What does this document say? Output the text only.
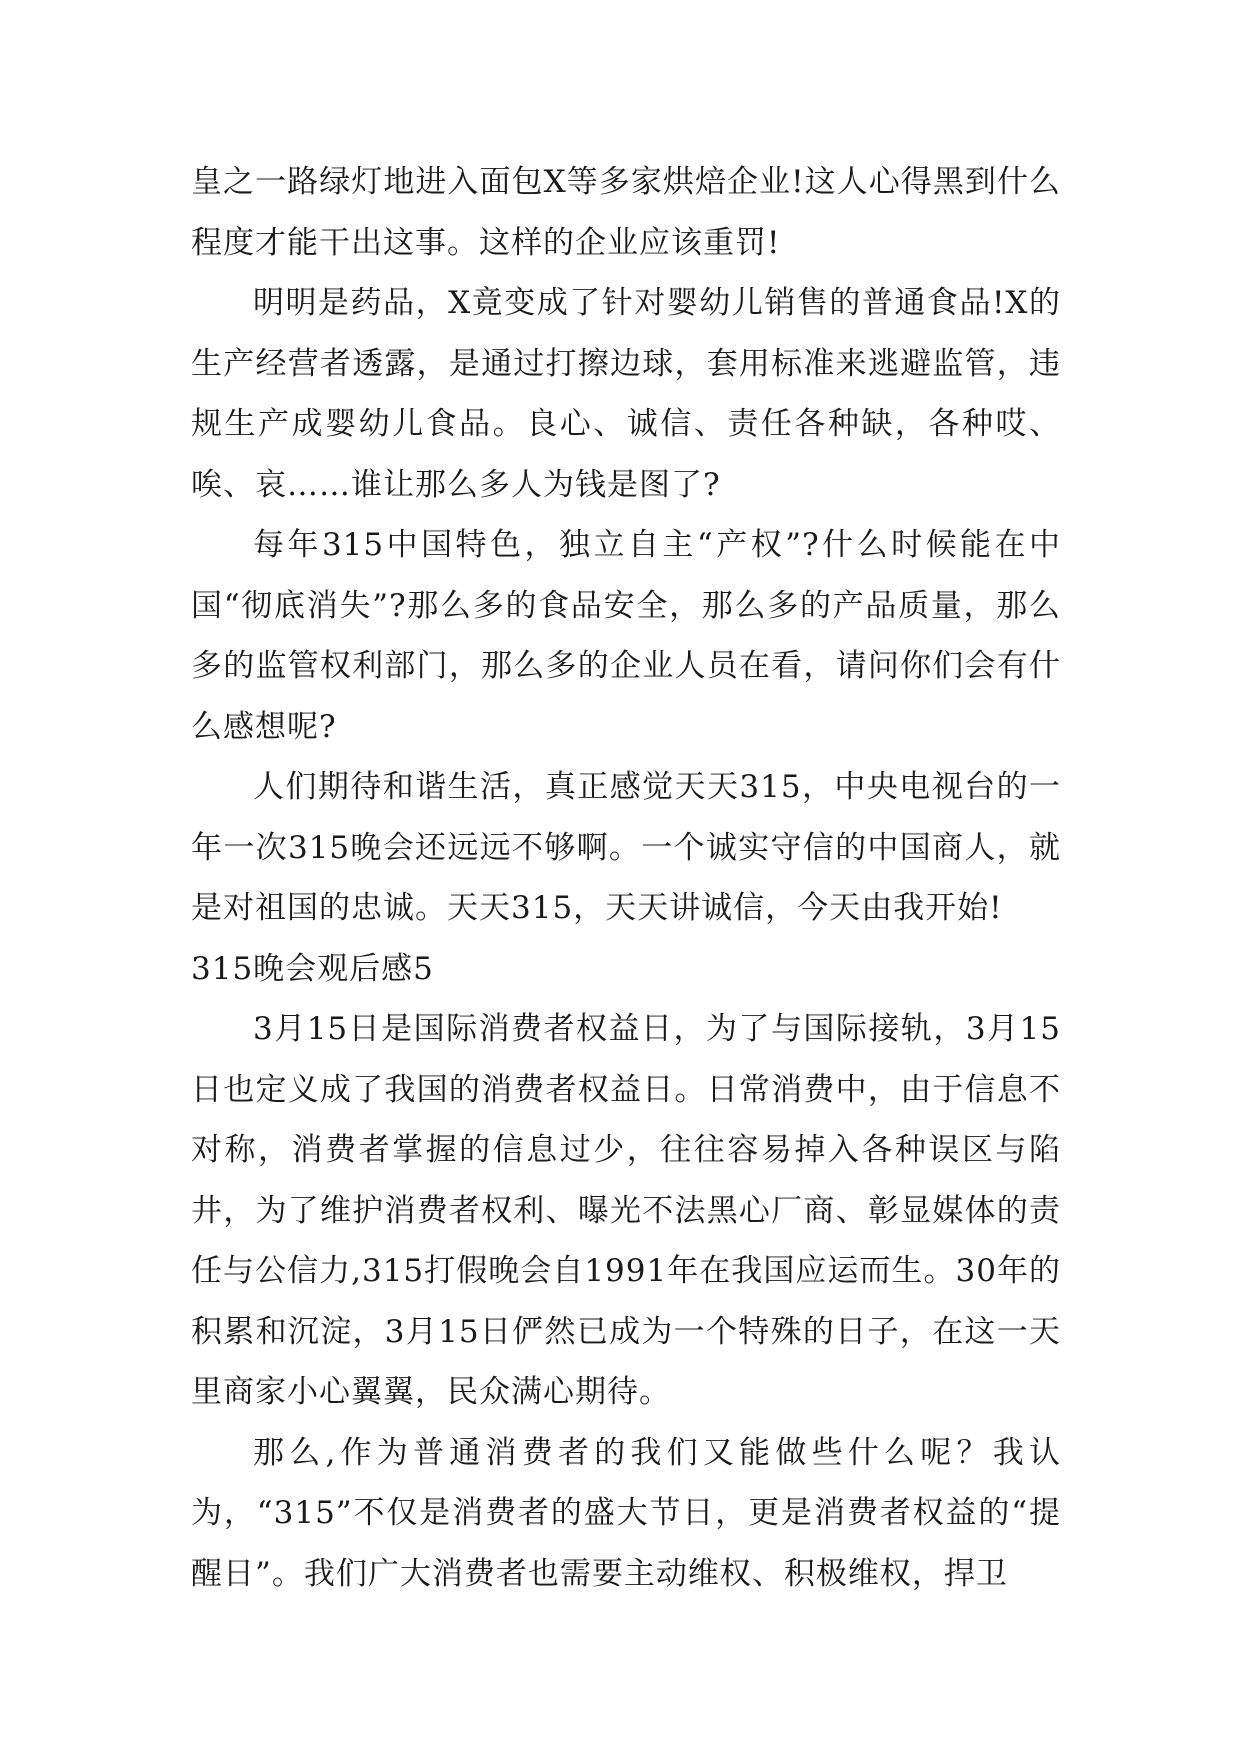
皇之一路绿灯地进入面包X等多家烘焙企业!这人心得黑到什么程度才能干出这事。这样的企业应该重罚!

明明是药品，X竟变成了针对婴幼儿销售的普通食品!X的生产经营者透露，是通过打擦边球，套用标准来逃避监管，违规生产成婴幼儿食品。良心、诚信、责任各种缺，各种哎、唉、哀……谁让那么多人为钱是图了?

每年315中国特色，独立自主“产权”?什么时候能在中国“彻底消失”?那么多的食品安全，那么多的产品质量，那么多的监管权利部门，那么多的企业人员在看，请问你们会有什么感想呢?

人们期待和谐生活，真正感觉天天315，中央电视台的一年一次315晚会还远远不够啊。一个诚实守信的中国商人，就是对祖国的忠诚。天天315，天天讲诚信，今天由我开始!

315晚会观后感5

3月15日是国际消费者权益日，为了与国际接轨，3月15日也定义成了我国的消费者权益日。日常消费中，由于信息不对称，消费者掌握的信息过少，往往容易掉入各种误区与陷井，为了维护消费者权利、曝光不法黑心厂商、彰显媒体的责任与公信力,315打假晚会自1991年在我国应运而生。30年的积累和沉淀，3月15日俨然已成为一个特殊的日子，在这一天里商家小心翼翼，民众满心期待。

那么,作为普通消费者的我们又能做些什么呢？我认为，“315”不仅是消费者的盛大节日，更是消费者权益的“提醒日”。我们广大消费者也需要主动维权、积极维权，捍卫
